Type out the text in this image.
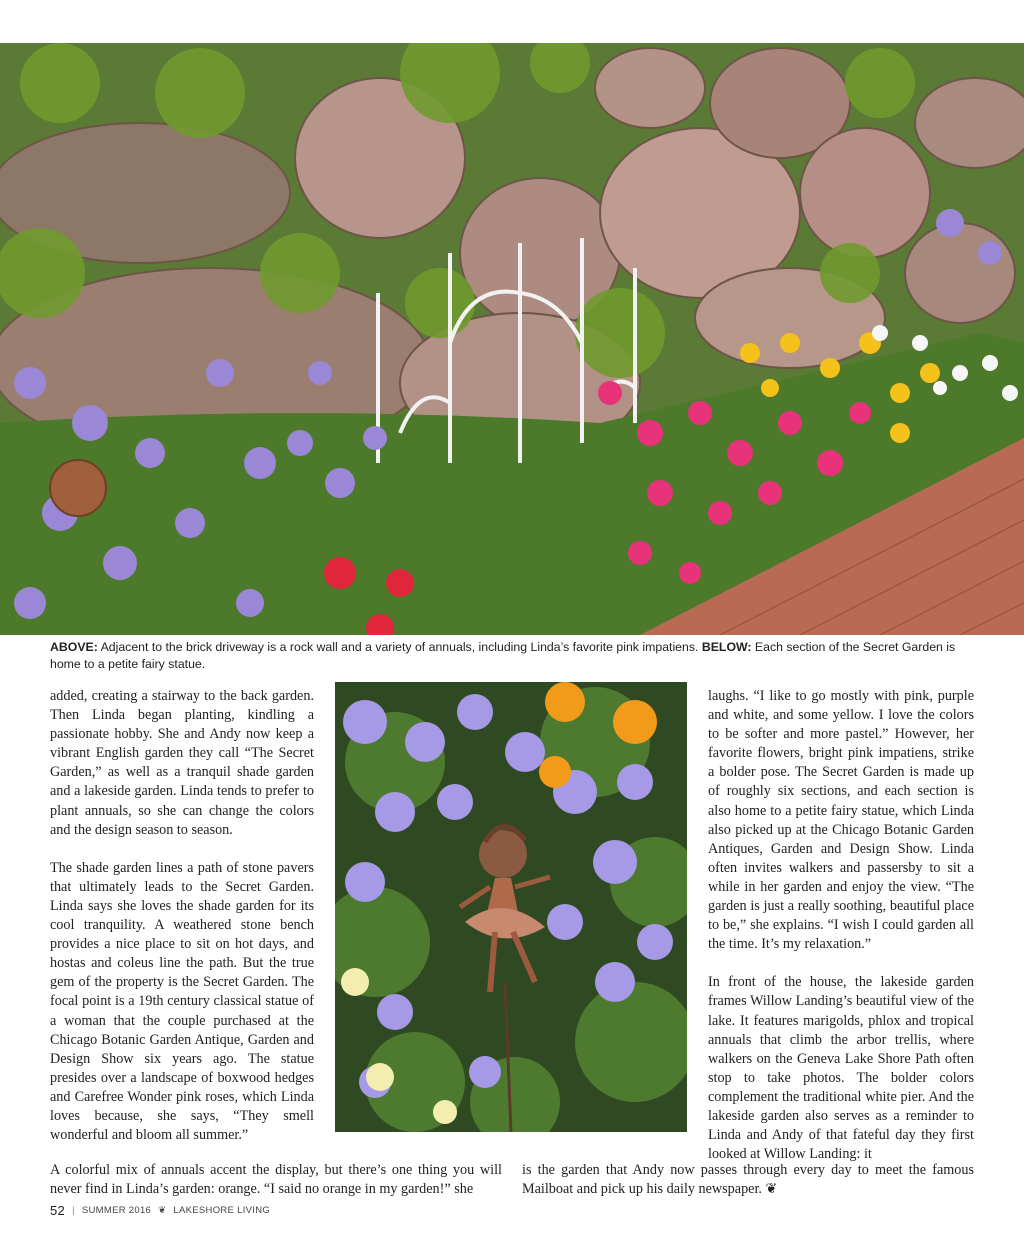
ABOVE: Adjacent to the brick driveway is a rock wall and a variety of annuals, including Linda’s favorite pink impatiens. BELOW: Each section of the Secret Garden is home to a petite fairy statue.

added, creating a stairway to the back garden. Then Linda began planting, kindling a passionate hobby. She and Andy now keep a vibrant English garden they call “The Secret Garden,” as well as a tranquil shade garden and a lakeside garden. Linda tends to prefer to plant annuals, so she can change the colors and the design season to season.

The shade garden lines a path of stone pavers that ultimately leads to the Secret Garden. Linda says she loves the shade garden for its cool tranquility. A weathered stone bench provides a nice place to sit on hot days, and hostas and coleus line the path. But the true gem of the property is the Secret Garden. The focal point is a 19th century classical statue of a woman that the couple purchased at the Chicago Botanic Garden Antique, Garden and Design Show six years ago. The statue presides over a landscape of boxwood hedges and Carefree Wonder pink roses, which Linda loves because, she says, “They smell wonderful and bloom all summer.”

laughs. “I like to go mostly with pink, purple and white, and some yellow. I love the colors to be softer and more pastel.” However, her favorite flowers, bright pink impatiens, strike a bolder pose. The Secret Garden is made up of roughly six sections, and each section is also home to a petite fairy statue, which Linda also picked up at the Chicago Botanic Garden Antiques, Garden and Design Show. Linda often invites walkers and passersby to sit a while in her garden and enjoy the view. “The garden is just a really soothing, beautiful place to be,” she explains. “I wish I could garden all the time. It’s my relaxation.”

In front of the house, the lakeside garden frames Willow Landing’s beautiful view of the lake. It features marigolds, phlox and tropical annuals that climb the arbor trellis, where walkers on the Geneva Lake Shore Path often stop to take photos. The bolder colors complement the traditional white pier. And the lakeside garden also serves as a reminder to Linda and Andy of that fateful day they first looked at Willow Landing: it

A colorful mix of annuals accent the display, but there’s one thing you will never find in Linda’s garden: orange. “I said no orange in my garden!” she
is the garden that Andy now passes through every day to meet the famous Mailboat and pick up his daily newspaper. ❦
52 | SUMMER 2016 ❦ LAKESHORE LIVING
